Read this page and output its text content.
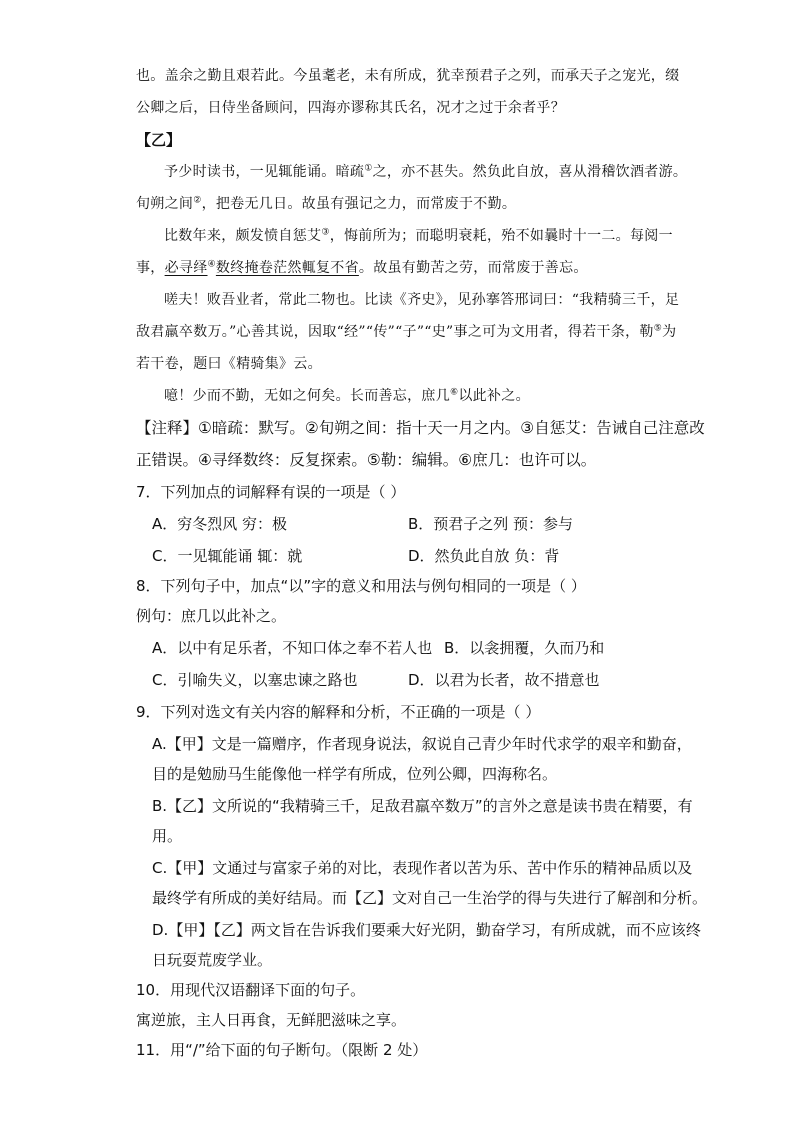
也。盖余之勤且艰若此。今虽耄老，未有所成，犹幸预君子之列，而承天子之宠光，缀
公卿之后，日侍坐备顾问，四海亦谬称其氏名，况才之过于余者乎？
【乙】
予少时读书，一见辄能诵。暗疏①之，亦不甚失。然负此自放，喜从滑稽饮酒者游。
旬朔之间②，把卷无几日。故虽有强记之力，而常废于不勤。
比数年来，颇发愤自惩艾③，悔前所为；而聪明衰耗，殆不如曩时十一二。每阅一
事，必寻绎④数终掩卷茫然輒复不省。故虽有勤苦之劳，而常废于善忘。
嗟夫！败吾业者，常此二物也。比读《齐史》，见孙搴答邢词曰：“我精骑三千，足
敌君羸卒数万。”心善其说，因取“经”“传”“子”“史”事之可为文用者，得若干条，勒⑤为
若干卷，题曰《精骑集》云。
噫！少而不勤，无如之何矣。长而善忘，庶几⑥以此补之。
【注释】①暗疏：默写。②旬朔之间：指十天一月之内。③自惩艾：告诫自己注意改
正错误。④寻绎数终：反复探索。⑤勒：编辑。⑥庶几：也许可以。
7．下列加点的词解释有误的一项是（ ）
A．穷冬烈风 穷：极	B．预君子之列 预：参与
C．一见辄能诵 辄：就	D．然负此自放 负：背
8．下列句子中，加点“以”字的意义和用法与例句相同的一项是（ ）
例句：庶几以此补之。
A．以中有足乐者，不知口体之奉不若人也 B．以衾拥覆，久而乃和
C．引喻失义，以塞忠谏之路也	D．以君为长者，故不措意也
9．下列对选文有关内容的解释和分析，不正确的一项是（ ）
A.【甲】文是一篇赠序，作者现身说法，叙说自己青少年时代求学的艰辛和勤奋，
目的是勉励马生能像他一样学有所成，位列公卿，四海称名。
B.【乙】文所说的“我精骑三千，足敌君羸卒数万”的言外之意是读书贵在精要，有
用。
C.【甲】文通过与富家子弟的对比，表现作者以苦为乐、苦中作乐的精神品质以及
最终学有所成的美好结局。而【乙】文对自己一生治学的得与失进行了解剖和分析。
D.【甲】【乙】两文旨在告诉我们要乘大好光阴，勤奋学习，有所成就，而不应该终
日玩耍荒废学业。
10．用现代汉语翻译下面的句子。
寓逆旅，主人日再食，无鲜肥滋味之享。
11．用“/”给下面的句子断句。（限断 2 处）
